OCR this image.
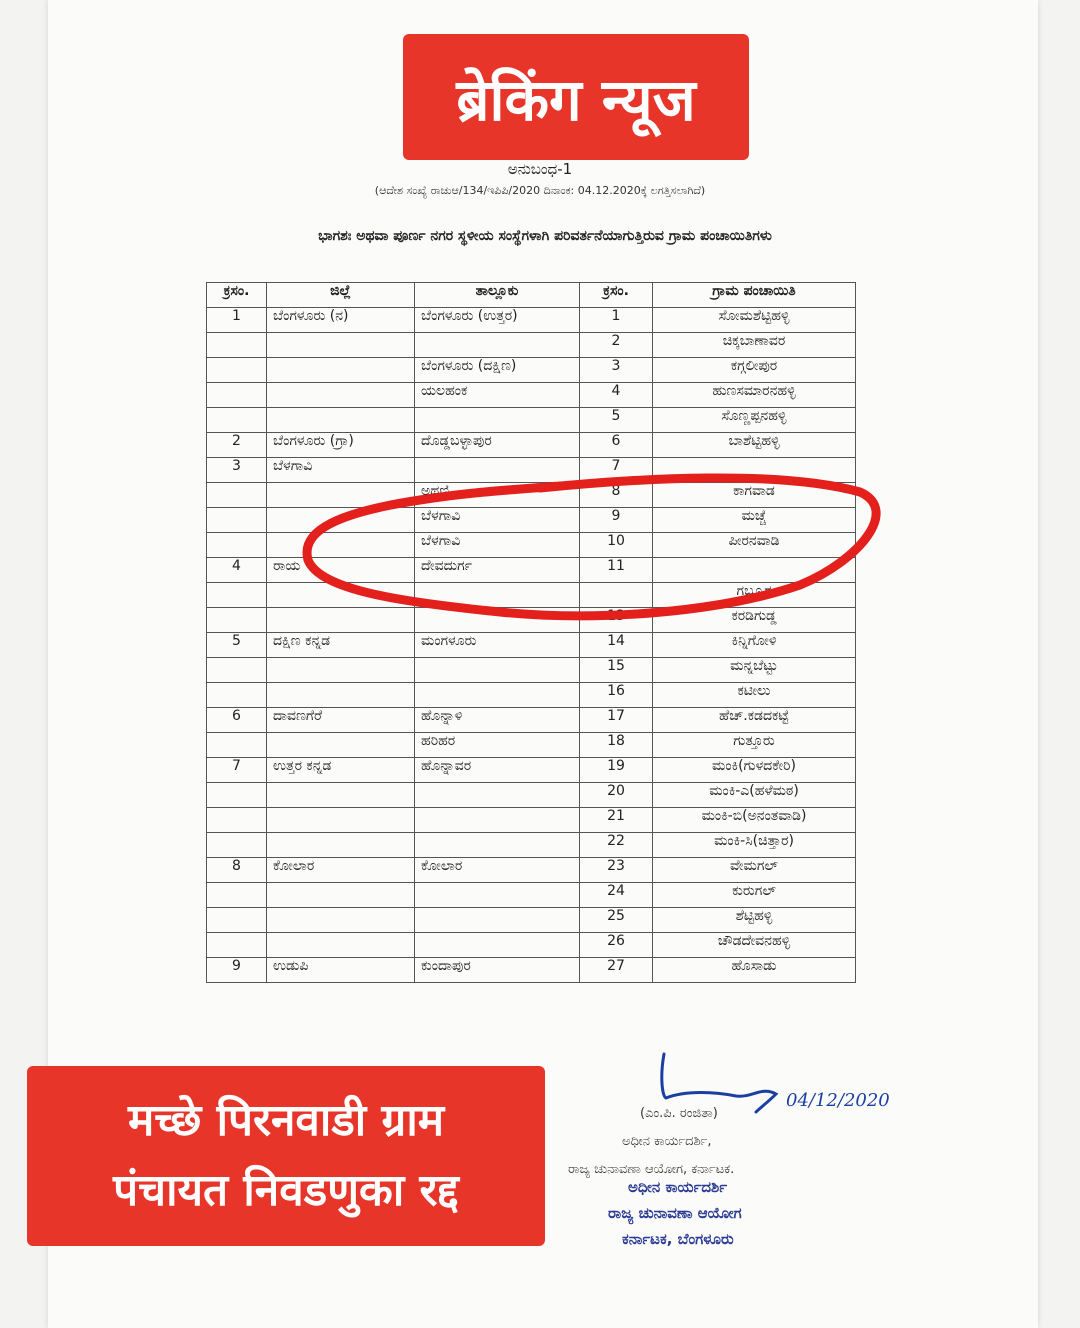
ಅನುಬಂಧ-1
(ಆದೇಶ ಸಂಖ್ಯೆ ರಾಚುಆ/134/ಇಪಿಪಿ/2020 ದಿನಾಂಕ: 04.12.2020ಕ್ಕೆ ಲಗತ್ತಿಸಲಾಗಿದೆ)
ಭಾಗಶಃ ಅಥವಾ ಪೂರ್ಣ ನಗರ ಸ್ಥಳೀಯ ಸಂಸ್ಥೆಗಳಾಗಿ ಪರಿವರ್ತನೆಯಾಗುತ್ತಿರುವ ಗ್ರಾಮ ಪಂಚಾಯಿತಿಗಳು
ಕ್ರಸಂ.	ಜಿಲ್ಲೆ	ತಾಲ್ಲೂಕು	ಕ್ರಸಂ.	ಗ್ರಾಮ ಪಂಚಾಯಿತಿ
1	ಬೆಂಗಳೂರು (ನ)	ಬೆಂಗಳೂರು (ಉತ್ತರ)	1	ಸೋಮಶೆಟ್ಟಿಹಳ್ಳಿ
			2	ಚಿಕ್ಕಬಾಣಾವರ
		ಬೆಂಗಳೂರು (ದಕ್ಷಿಣ)	3	ಕಗ್ಗಲೀಪುರ
		ಯಲಹಂಕ	4	ಹುಣಸಮಾರನಹಳ್ಳಿ
			5	ಸೊಣ್ಣಪ್ಪನಹಳ್ಳಿ
2	ಬೆಂಗಳೂರು (ಗ್ರಾ)	ದೊಡ್ಡಬಳ್ಳಾಪುರ	6	ಬಾಶೆಟ್ಟಿಹಳ್ಳಿ
3	ಬೆಳಗಾವಿ		7	
		ಅಥಣಿ	8	ಕಾಗವಾಡ
		ಬೆಳಗಾವಿ	9	ಮಚ್ಚೆ
		ಬೆಳಗಾವಿ	10	ಪೀರನವಾಡಿ
4	ರಾಯ	ದೇವದುರ್ಗ	11	
				ಗಬ್ಬೂರ
			13	ಕರಡಿಗುಡ್ಡ
5	ದಕ್ಷಿಣ ಕನ್ನಡ	ಮಂಗಳೂರು	14	ಕಿನ್ನಿಗೋಳಿ
			15	ಮನ್ನಬೆಟ್ಟು
			16	ಕಟೀಲು
6	ದಾವಣಗೆರೆ	ಹೊನ್ನಾಳಿ	17	ಹೆಚ್.ಕಡದಕಟ್ಟೆ
		ಹರಿಹರ	18	ಗುತ್ತೂರು
7	ಉತ್ತರ ಕನ್ನಡ	ಹೊನ್ನಾವರ	19	ಮಂಕಿ(ಗುಳದಕೇರಿ)
			20	ಮಂಕಿ-ಎ(ಹಳೆಮಠ)
			21	ಮಂಕಿ-ಬಿ(ಅನಂತವಾಡಿ)
			22	ಮಂಕಿ-ಸಿ(ಚಿತ್ತಾರ)
8	ಕೋಲಾರ	ಕೋಲಾರ	23	ವೇಮಗಲ್
			24	ಕುರುಗಲ್
			25	ಶೆಟ್ಟಿಹಳ್ಳಿ
			26	ಚೌಡದೇವನಹಳ್ಳಿ
9	ಉಡುಪಿ	ಕುಂದಾಪುರ	27	ಹೊಸಾಡು
ब्रेकिंग न्यूज
मच्छे पिरनवाडी ग्राम
पंचायत निवडणुका रद्द
04/12/2020
(ಎಂ.ಪಿ. ರಂಜಿತಾ)
ಅಧೀನ ಕಾರ್ಯದರ್ಶಿ,
ರಾಜ್ಯ ಚುನಾವಣಾ ಆಯೋಗ, ಕರ್ನಾಟಕ.
ಅಧೀನ ಕಾರ್ಯದರ್ಶಿ
ರಾಜ್ಯ ಚುನಾವಣಾ ಆಯೋಗ
ಕರ್ನಾಟಕ, ಬೆಂಗಳೂರು
